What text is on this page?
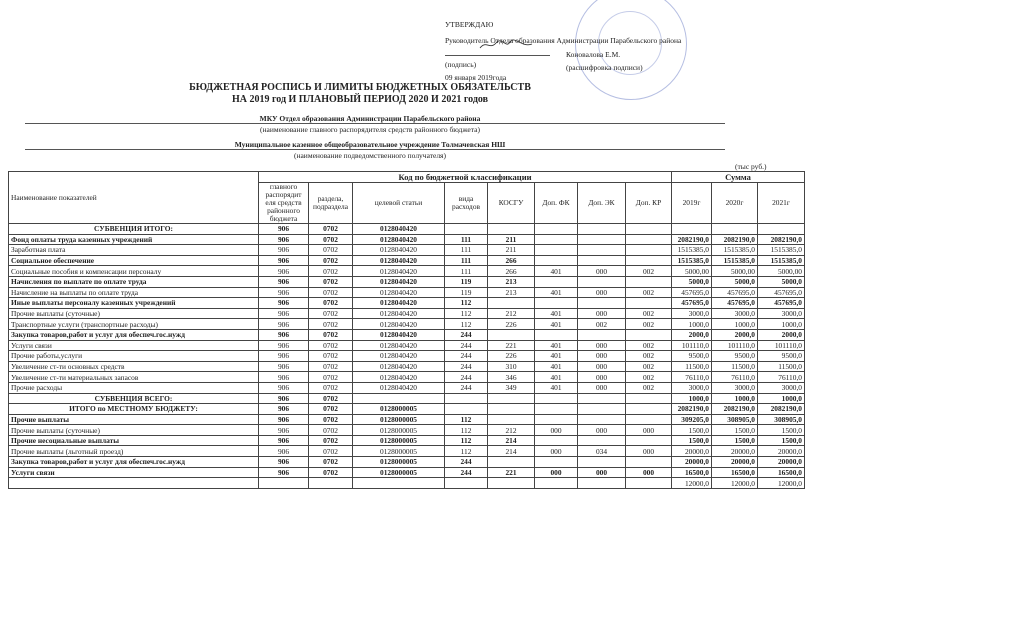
УТВЕРЖДАЮ
Руководитель Отдела образования Администрации Парабельского района
Коновалова Е.М.
(подпись)	(расшифровка подписи)
09 января 2019года
БЮДЖЕТНАЯ РОСПИСЬ И ЛИМИТЫ БЮДЖЕТНЫХ ОБЯЗАТЕЛЬСТВ
НА 2019 год И ПЛАНОВЫЙ ПЕРИОД 2020 И 2021 годов
МКУ Отдел образования Администрации Парабельского района
(наименование главного распорядителя средств районного бюджета)
Муниципальное казенное общеобразовательное учреждение Толмачевская НШ
(наименование подведомственного получателя)
Наименование показателей	Код по бюджетной классификации								Сумма		
	главного распорядит еля средств районного бюджета	раздела, подраздела	целевой статьи	вида расходов	КОСГУ	Доп. ФК	Доп. ЭК	Доп. КР	2019г	2020г	2021г
СУБВЕНЦИЯ ИТОГО:	906	0702	0128040420								
Фонд оплаты труда казенных учреждений	906	0702	0128040420	111	211				2082190,0	2082190,0	2082190,0
Заработная плата	906	0702	0128040420	111	211				1515385,0	1515385,0	1515385,0
Социальное обеспечение	906	0702	0128040420	111	266				1515385,0	1515385,0	1515385,0
Социальные пособия и компенсации персоналу	906	0702	0128040420	111	266	401	000	002	5000,00	5000,00	5000,00
Начисления по выплате по оплате труда	906	0702	0128040420	119	213				5000,0	5000,0	5000,0
Начисление на выплаты по оплате труда	906	0702	0128040420	119	213	401	000	002	457695,0	457695,0	457695,0
Иные выплаты персоналу казенных учреждений	906	0702	0128040420	112					457695,0	457695,0	457695,0
Прочие выплаты (суточные)	906	0702	0128040420	112	212	401	000	002	3000,0	3000,0	3000,0
Транспортные услуги (транспортные расходы)	906	0702	0128040420	112	226	401	002	002	1000,0	1000,0	1000,0
Закупка товаров,работ и услуг для обеспеч.гос.нужд	906	0702	0128040420	244					2000,0	2000,0	2000,0
Услуги связи	906	0702	0128040420	244	221	401	000	002	101110,0	101110,0	101110,0
Прочие работы,услуги	906	0702	0128040420	244	226	401	000	002	9500,0	9500,0	9500,0
Увеличение ст-ти основных средств	906	0702	0128040420	244	310	401	000	002	11500,0	11500,0	11500,0
Увеличение ст-ти материальных запасов	906	0702	0128040420	244	346	401	000	002	76110,0	76110,0	76110,0
Прочие расходы	906	0702	0128040420	244	349	401	000	002	3000,0	3000,0	3000,0
СУБВЕНЦИЯ ВСЕГО:	906	0702							1000,0	1000,0	1000,0
ИТОГО по МЕСТНОМУ БЮДЖЕТУ:	906	0702	0128000005						2082190,0	2082190,0	2082190,0
Прочие выплаты	906	0702	0128000005	112					309205,0	308905,0	308905,0
Прочие выплаты (суточные)	906	0702	0128000005	112	212	000	000	000	1500,0	1500,0	1500,0
Прочие несоциальные выплаты	906	0702	0128000005	112	214				1500,0	1500,0	1500,0
Прочие выплаты (льготный проезд)	906	0702	0128000005	112	214	000	034	000	20000,0	20000,0	20000,0
Закупка товаров,работ и услуг для обеспеч.гос.нужд	906	0702	0128000005	244					20000,0	20000,0	20000,0
Услуги связи	906	0702	0128000005	244	221	000	000	000	16500,0	16500,0	16500,0
									12000,0	12000,0	12000,0
(тыс руб.)
